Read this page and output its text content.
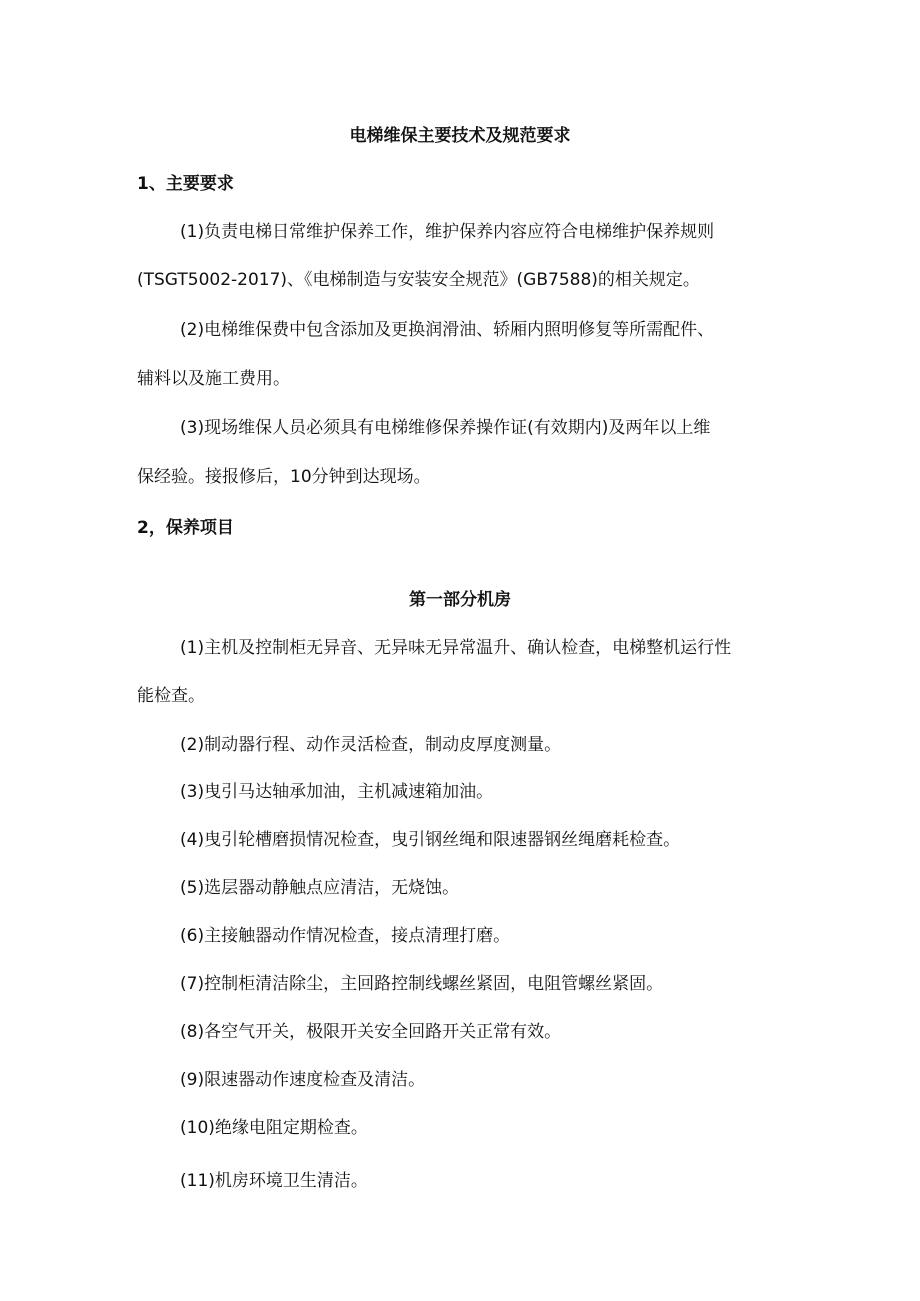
电梯维保主要技术及规范要求
1、主要要求
(1)负责电梯日常维护保养工作，维护保养内容应符合电梯维护保养规则
(TSGT5002-2017)、《电梯制造与安装安全规范》(GB7588)的相关规定。
(2)电梯维保费中包含添加及更换润滑油、轿厢内照明修复等所需配件、
辅料以及施工费用。
(3)现场维保人员必须具有电梯维修保养操作证(有效期内)及两年以上维
保经验。接报修后，10分钟到达现场。
2，保养项目
第一部分机房
(1)主机及控制柜无异音、无异味无异常温升、确认检查，电梯整机运行性
能检查。
(2)制动器行程、动作灵活检查，制动皮厚度测量。
(3)曳引马达轴承加油，主机减速箱加油。
(4)曳引轮槽磨损情况检查，曳引钢丝绳和限速器钢丝绳磨耗检查。
(5)选层器动静触点应清洁，无烧蚀。
(6)主接触器动作情况检查，接点清理打磨。
(7)控制柜清洁除尘，主回路控制线螺丝紧固，电阻管螺丝紧固。
(8)各空气开关，极限开关安全回路开关正常有效。
(9)限速器动作速度检查及清洁。
(10)绝缘电阻定期检查。
(11)机房环境卫生清洁。
